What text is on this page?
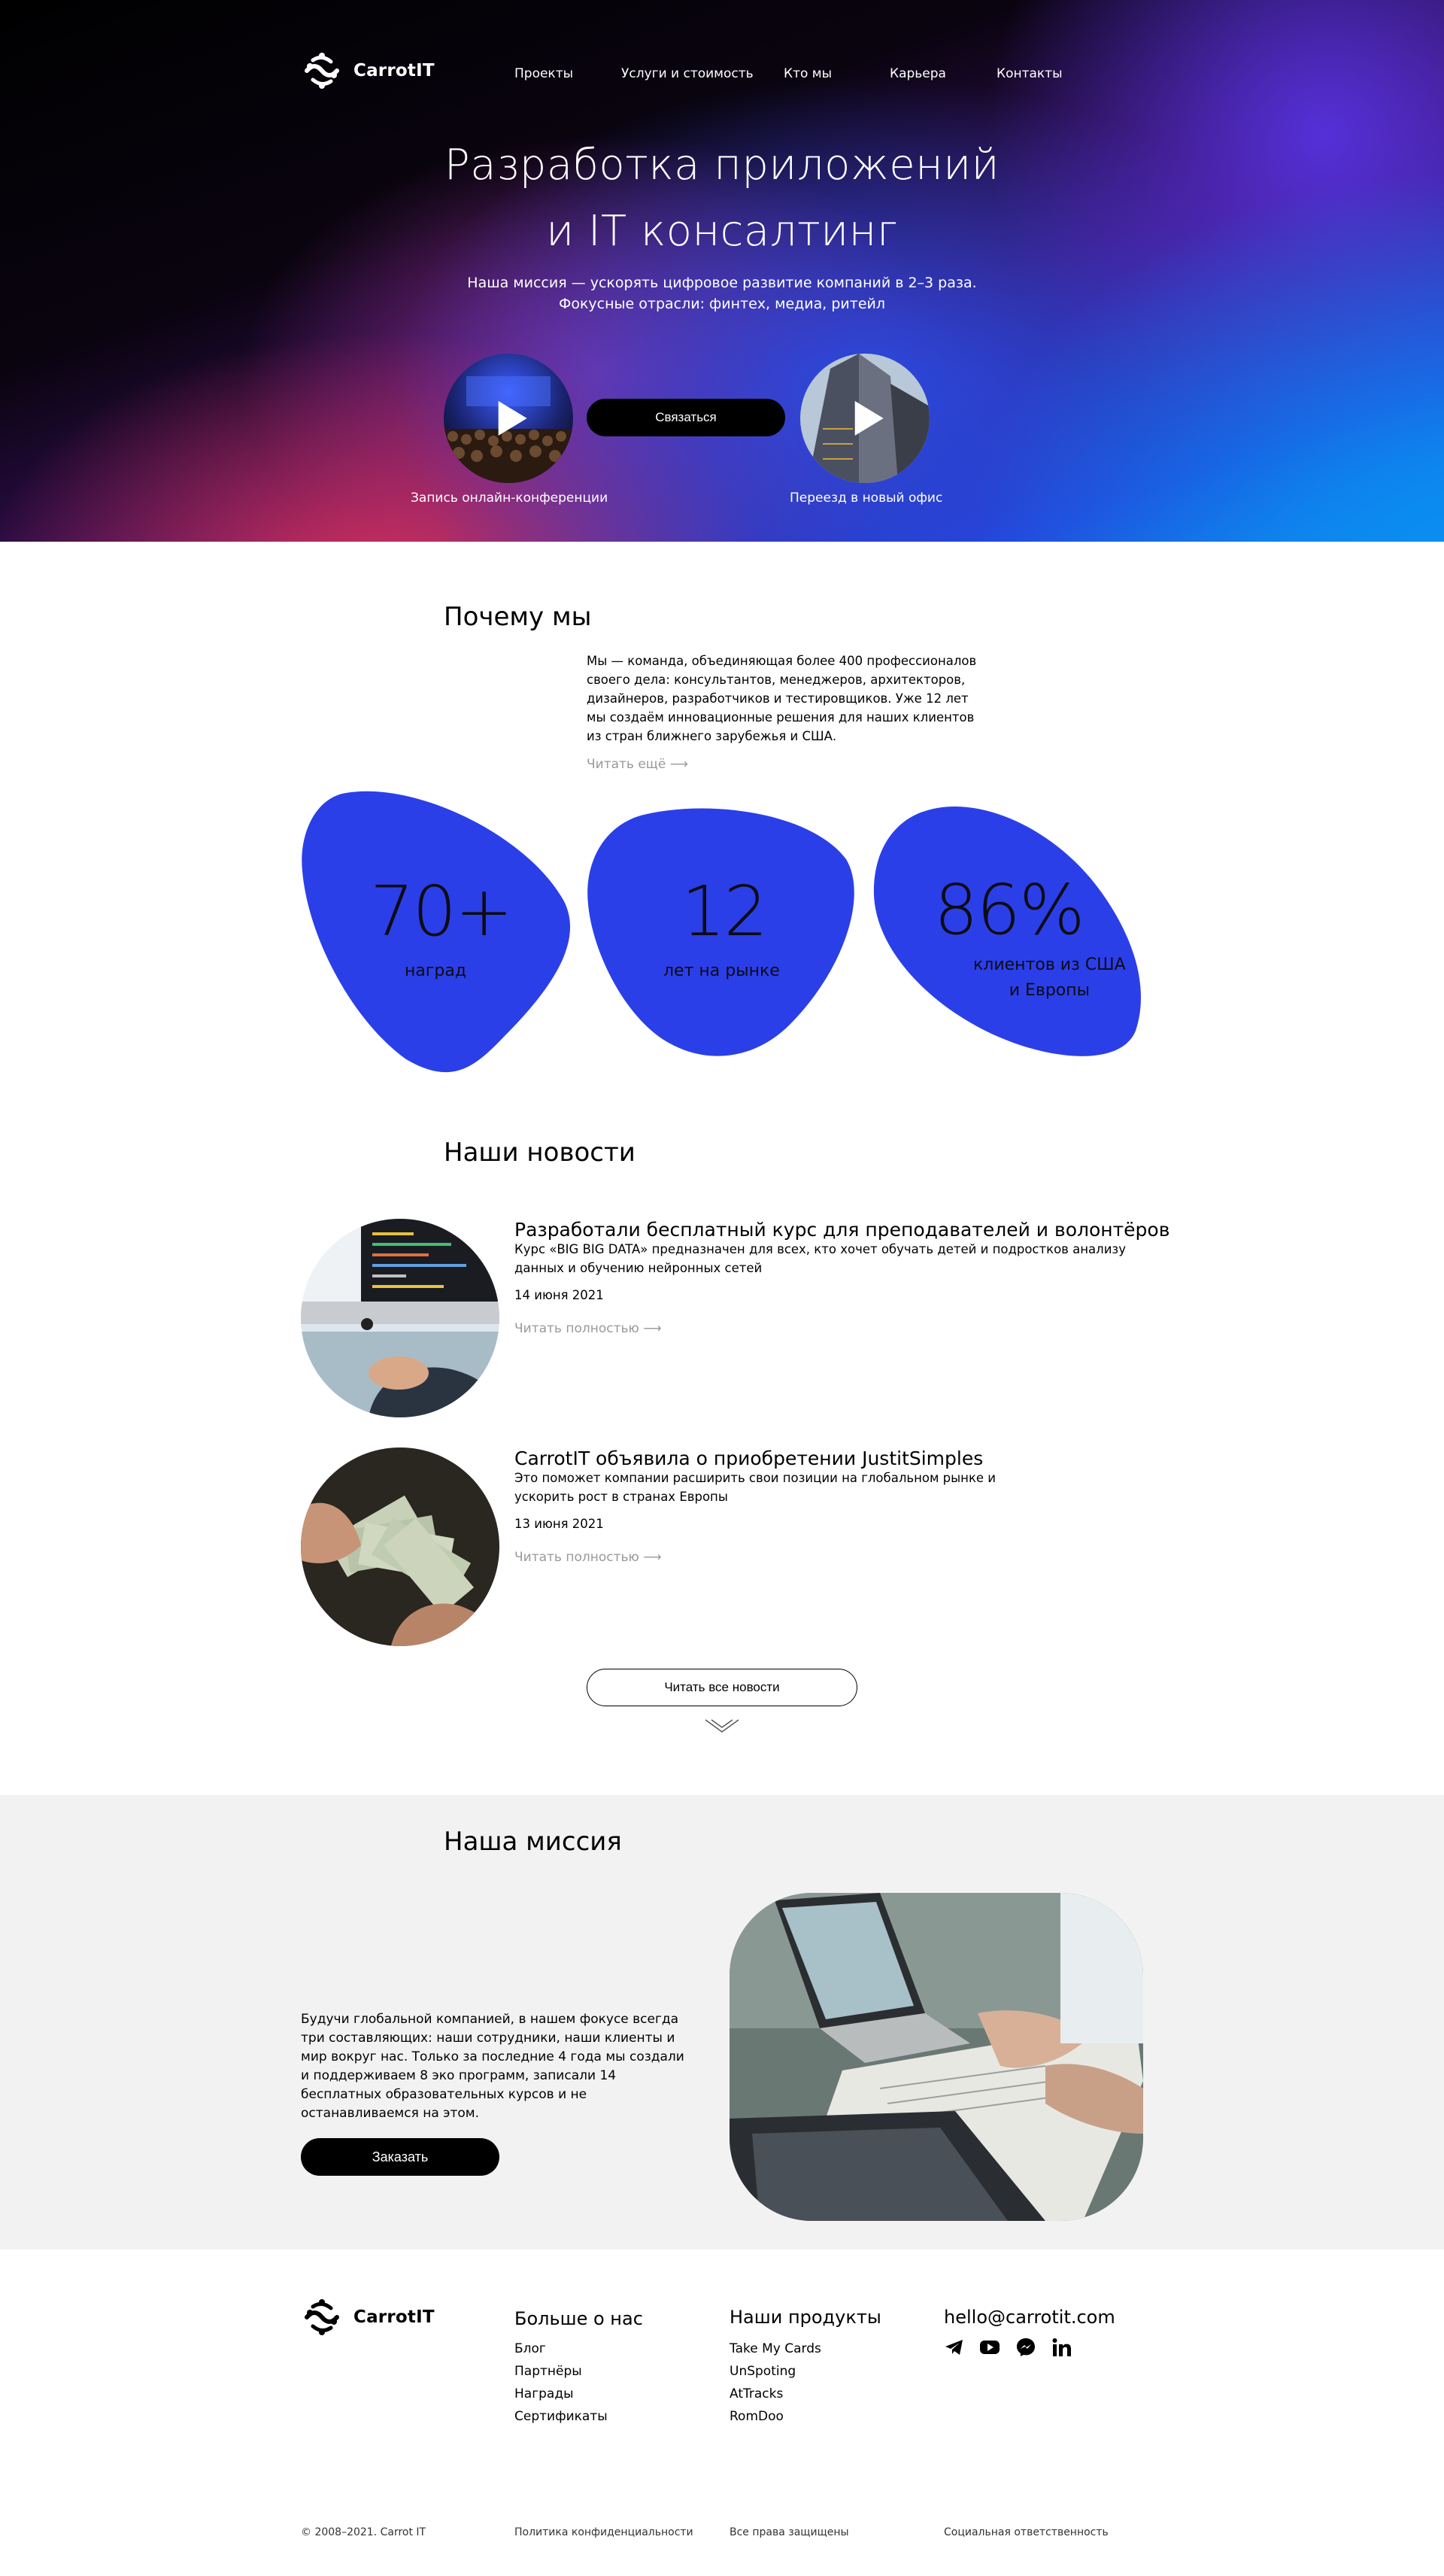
CarrotIT	Проекты	Услуги и стоимость Кто мы	Карьера	Контакты
Разработка приложений
и IT консалтинг

Наша миссия — ускорять цифровое развитие компаний в 2–3 раза.
Фокусные отрасли: финтех, медиа, ритейл

Запись онлайн-конференции
Связаться
Переезд в новый офис
Почему мы

Мы — команда, объединяющая более 400 профессионалов своего дела: консультантов, менеджеров, архитекторов, дизайнеров, разработчиков и тестировщиков. Уже 12 лет мы создаём инновационные решения для наших клиентов из стран ближнего зарубежья и США.

Читать ещё ⟶
70+
наград
12
лет на рынке
86%
клиентов из США
и Европы
Наши новости
Разработали бесплатный курс для преподавателей и волонтёров

Курс «BIG BIG DATA» предназначен для всех, кто хочет обучать детей и подростков анализу данных и обучению нейронных сетей

14 июня 2021
Читать полностью ⟶
CarrotIT объявила о приобретении JustitSimples

Это поможет компании расширить свои позиции на глобальном рынке и ускорить рост в странах Европы

13 июня 2021
Читать полностью ⟶
Читать все новости
Наша миссия

Будучи глобальной компанией, в нашем фокусе всегда три составляющих: наши сотрудники, наши клиенты и мир вокруг нас. Только за последние 4 года мы создали и поддерживаем 8 эко программ, записали 14 бесплатных образовательных курсов и не останавливаемся на этом.

Заказать
CarrotIT	Больше о нас
Блог
Партнёры
Награды
Сертификаты
Наши продукты
Take My Cards
UnSpoting
AtTracks
RomDoo
hello@carrotit.com
© 2008–2021. Carrot IT	Политика конфиденциальности	Все права защищены	Социальная ответственность
